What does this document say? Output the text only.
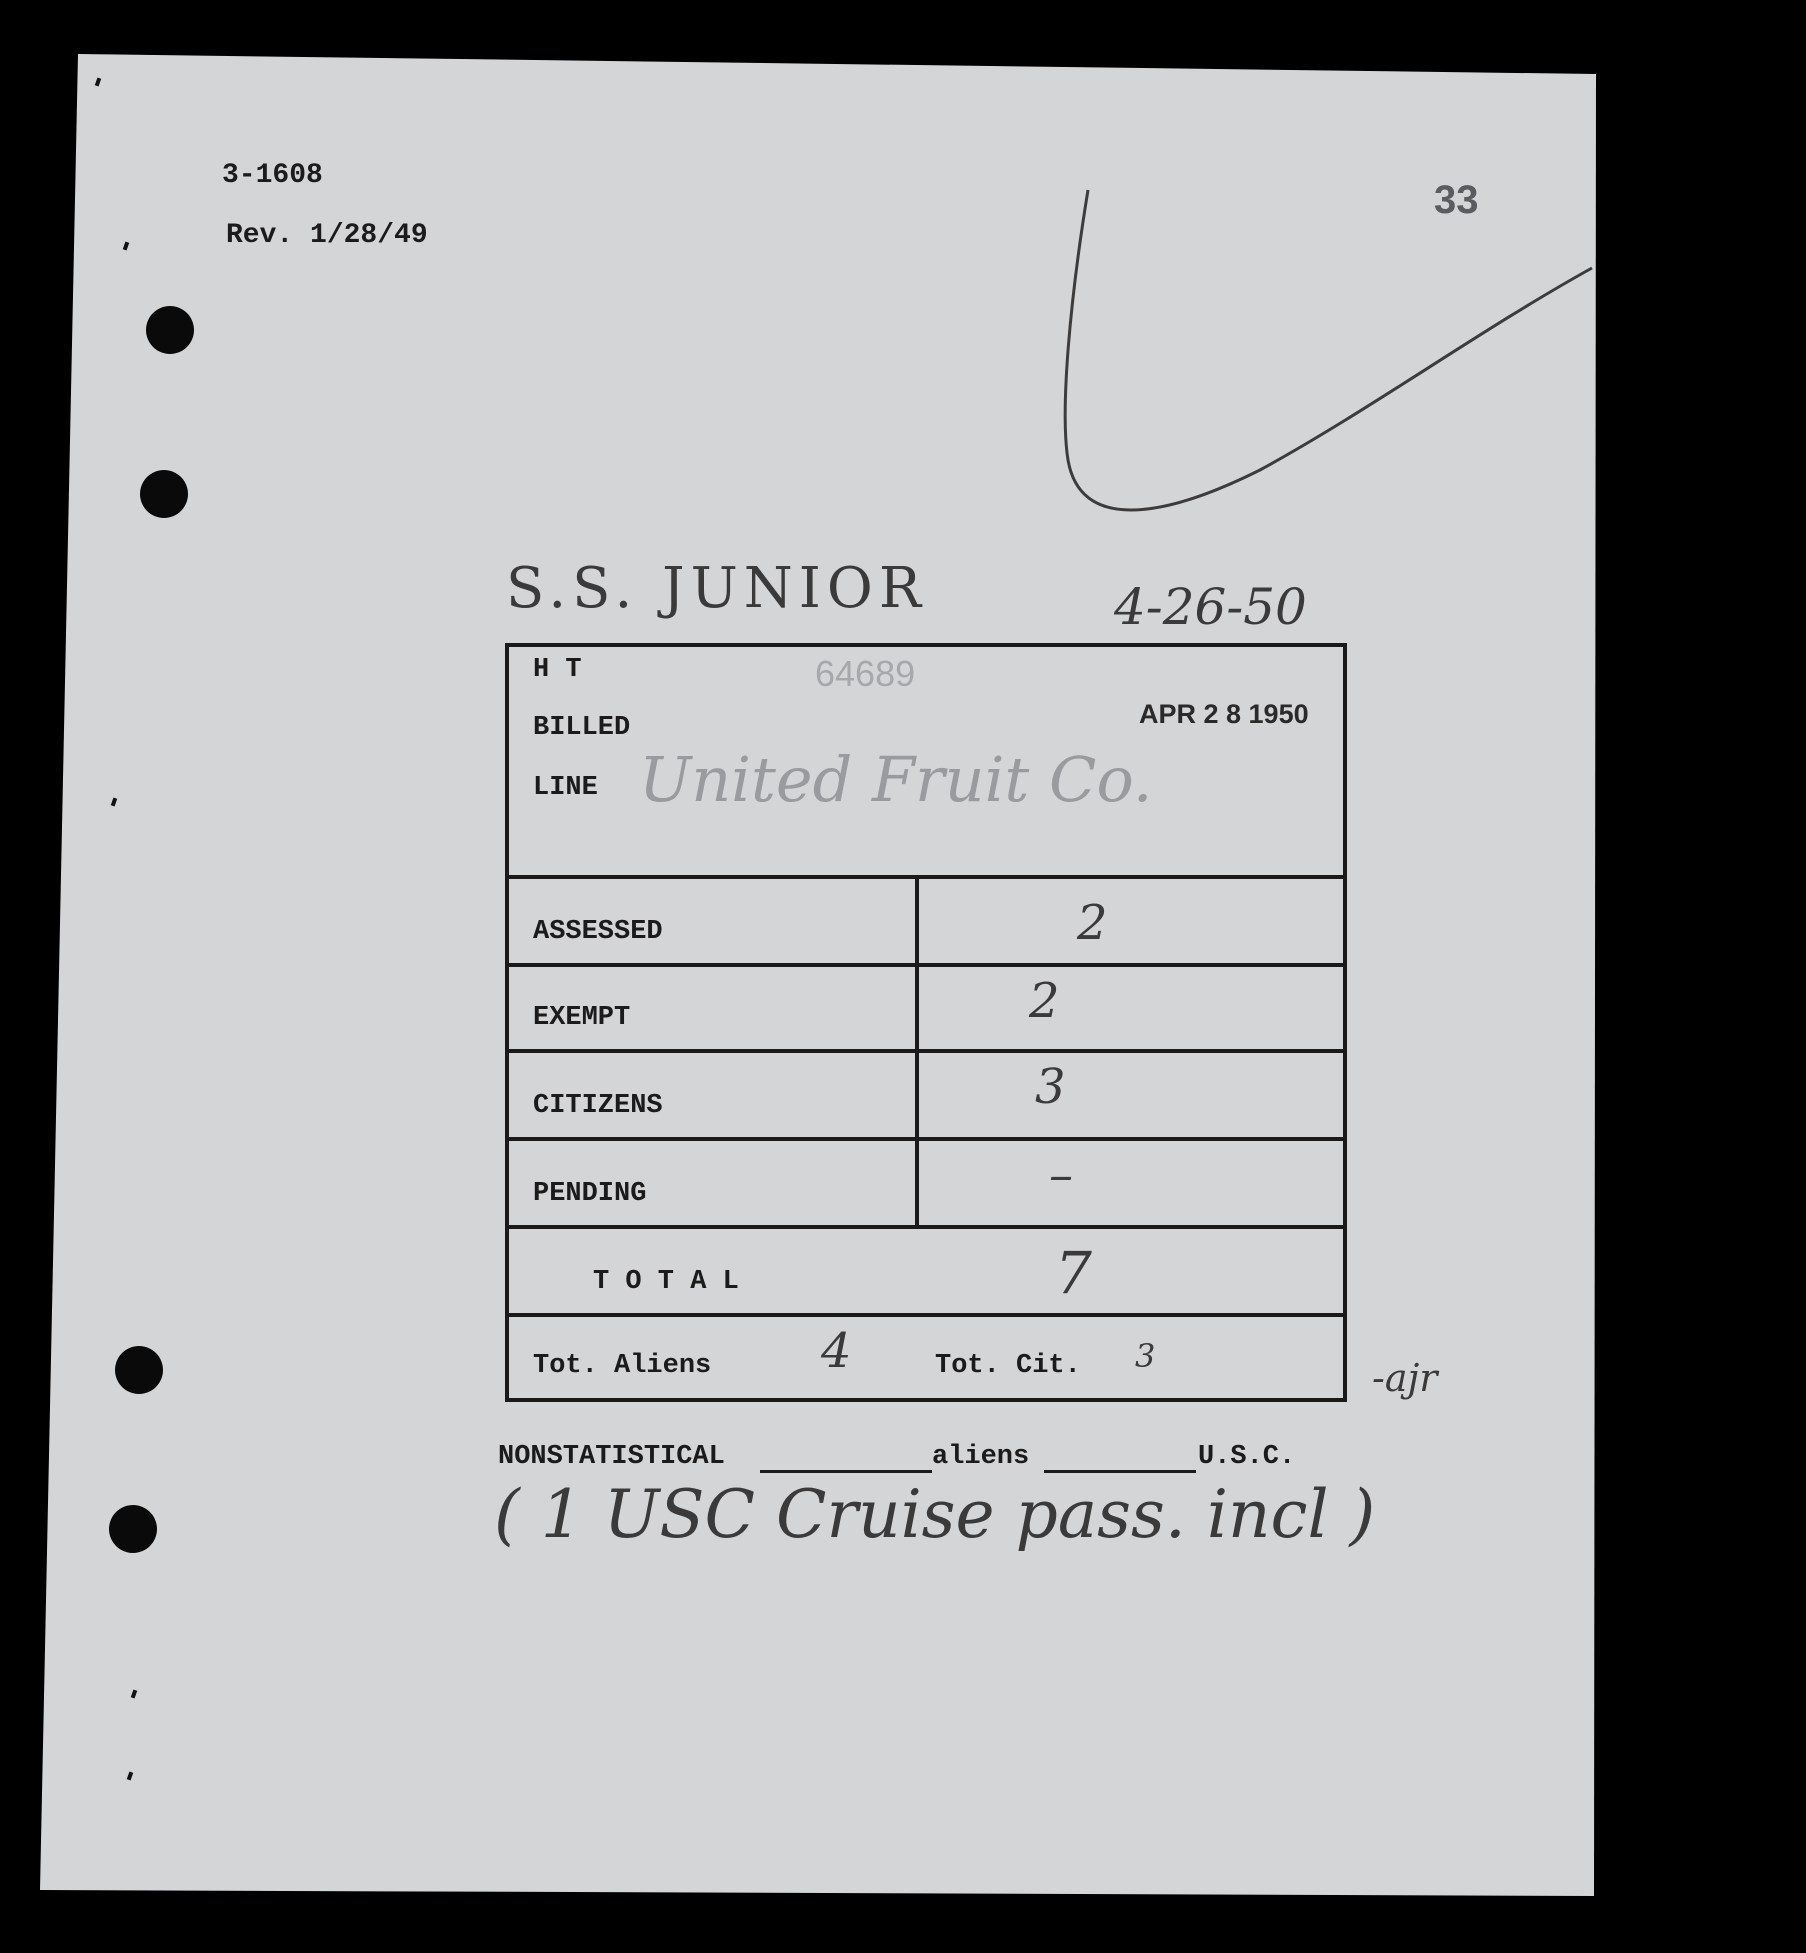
3-1608
Rev. 1/28/49
33
S.S. JUNIOR	4-26-50
H T	64689
APR 2 8 1950
BILLED
LINE United Fruit Co.
ASSESSED	2
EXEMPT	2
CITIZENS	3
PENDING	–
T O T A L	7
Tot. Aliens 4	Tot. Cit. 3	-ajr
NONSTATISTICAL	aliens	U.S.C.
( 1 USC Cruise pass. incl )
